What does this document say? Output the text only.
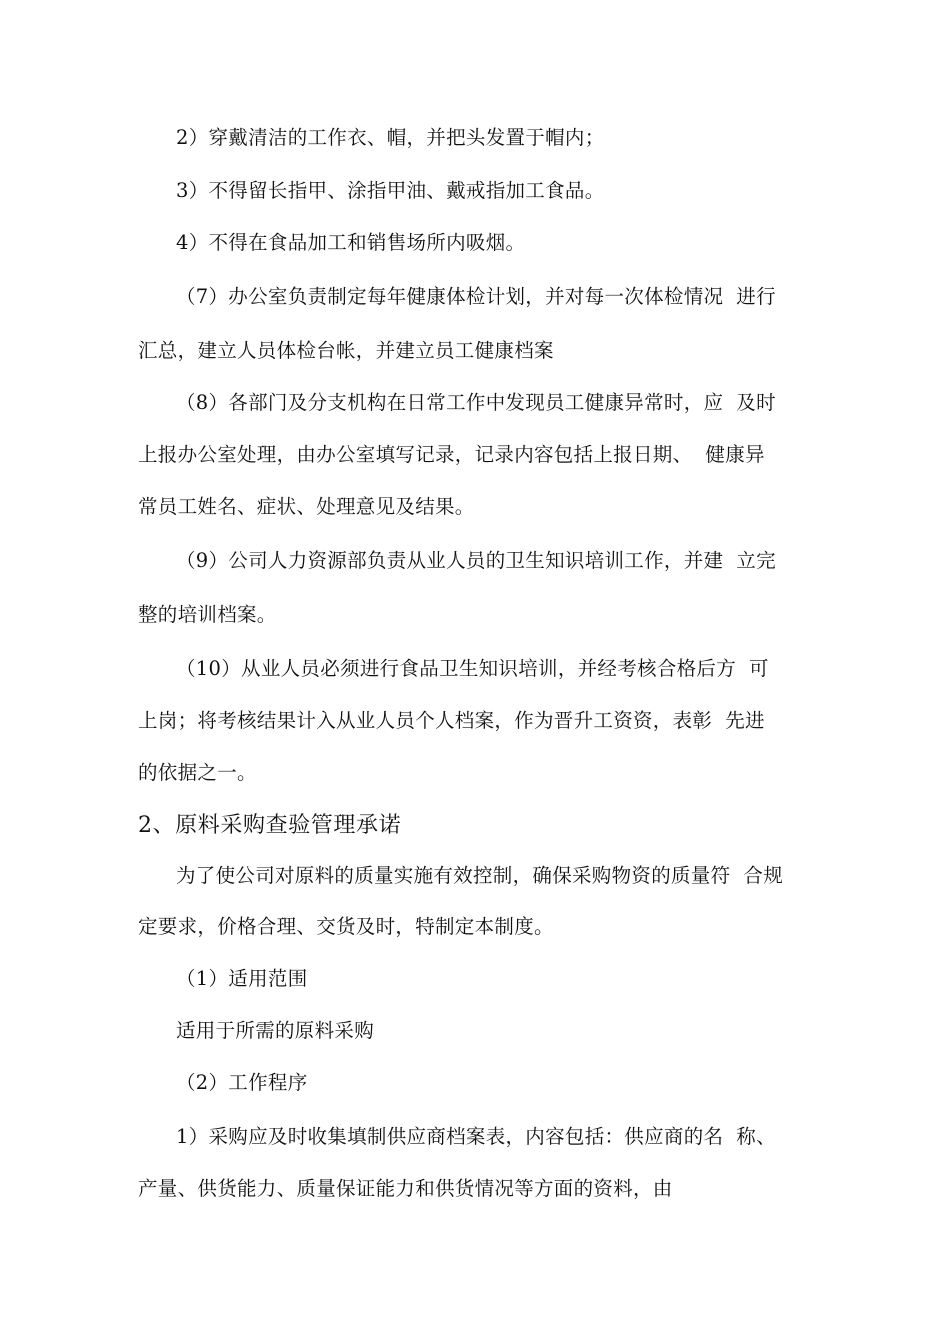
2）穿戴清洁的工作衣、帽，并把头发置于帽内；
3）不得留长指甲、涂指甲油、戴戒指加工食品。
4）不得在食品加工和销售场所内吸烟。
（7）办公室负责制定每年健康体检计划，并对每一次体检情况  进行
汇总，建立人员体检台帐，并建立员工健康档案
（8）各部门及分支机构在日常工作中发现员工健康异常时，应  及时
上报办公室处理，由办公室填写记录，记录内容包括上报日期、  健康异
常员工姓名、症状、处理意见及结果。
（9）公司人力资源部负责从业人员的卫生知识培训工作，并建  立完
整的培训档案。
（10）从业人员必须进行食品卫生知识培训，并经考核合格后方  可
上岗；将考核结果计入从业人员个人档案，作为晋升工资资，表彰  先进
的依据之一。
2、原料采购查验管理承诺
为了使公司对原料的质量实施有效控制，确保采购物资的质量符  合规
定要求，价格合理、交货及时，特制定本制度。
（1）适用范围
适用于所需的原料采购
（2）工作程序
1）采购应及时收集填制供应商档案表，内容包括：供应商的名  称、
产量、供货能力、质量保证能力和供货情况等方面的资料，由
